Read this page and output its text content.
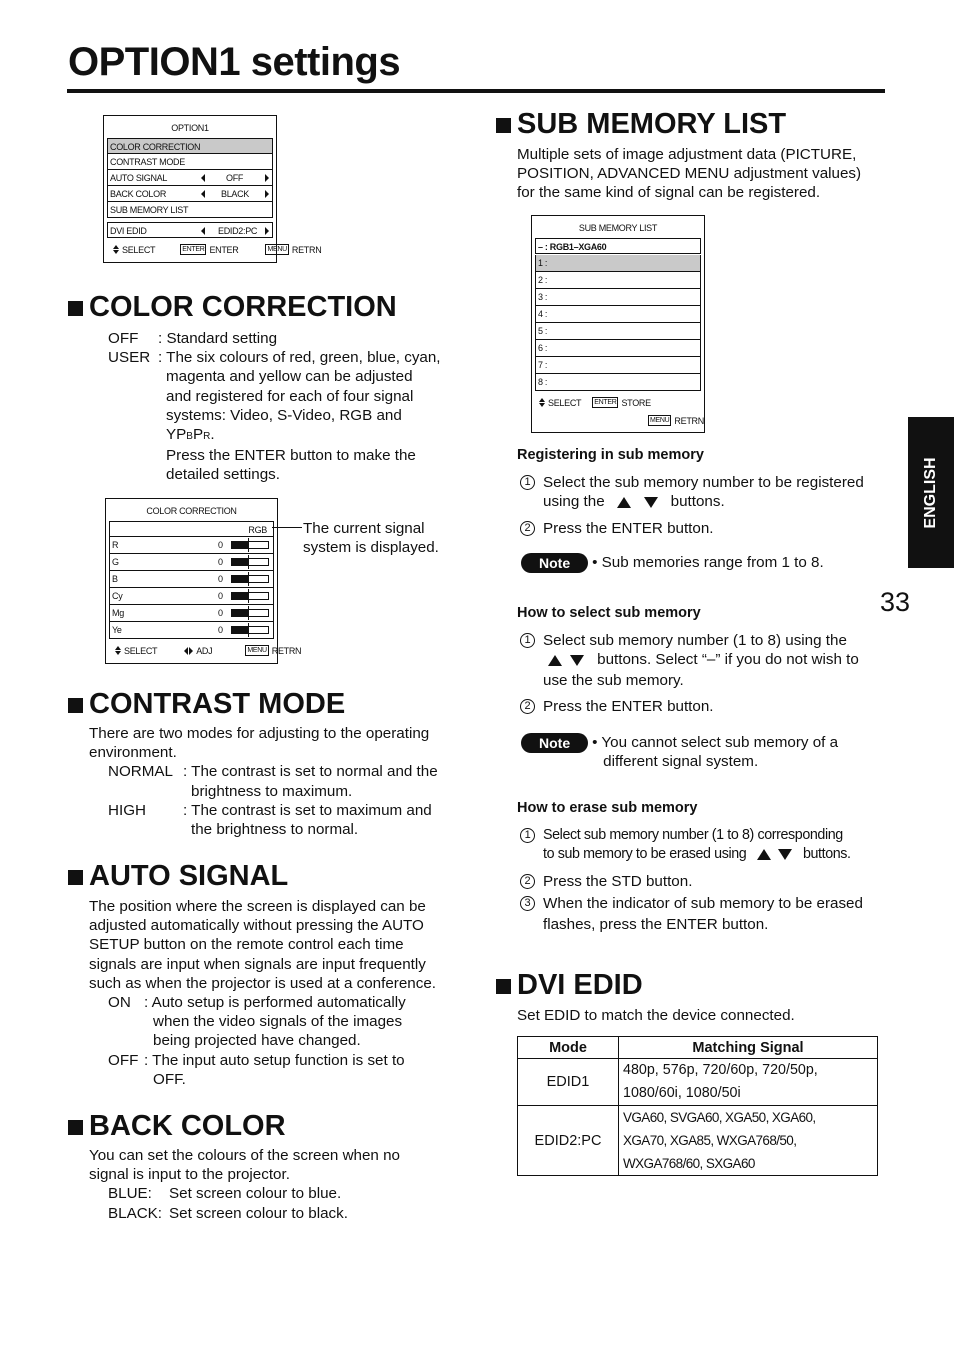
OPTION1 settings
OPTION1
COLOR CORRECTION
CONTRAST MODE
AUTO SIGNAL	OFF
BACK COLOR	BLACK
SUB MEMORY LIST
DVI EDID	EDID2:PC
SELECT	ENTER ENTER	MENU RETRN
COLOR CORRECTION
OFF	: Standard setting
USER : The six colours of red, green, blue, cyan,
magenta and yellow can be adjusted
and registered for each of four signal
systems: Video, S-Video, RGB and
YPBPR.
Press the ENTER button to make the
detailed settings.
COLOR CORRECTION
RGB
SELECT	ADJ	MENU RETRN
R	0
G	0
B	0
Cy	0
Mg	0
Ye	0
The current signal
system is displayed.
CONTRAST MODE
There are two modes for adjusting to the operating
environment.
NORMAL : The contrast is set to normal and the
brightness to maximum.
HIGH	: The contrast is set to maximum and
the brightness to normal.
AUTO SIGNAL
The position where the screen is displayed can be
adjusted automatically without pressing the AUTO
SETUP button on the remote control each time
signals are input when signals are input frequently
such as when the projector is used at a conference.
ON : Auto setup is performed automatically
when the video signals of the images
being projected have changed.
OFF : The input auto setup function is set to
OFF.
BACK COLOR
You can set the colours of the screen when no
signal is input to the projector.
BLUE:	Set screen colour to blue.
BLACK: Set screen colour to black.
SUB MEMORY LIST
Multiple sets of image adjustment data (PICTURE,
POSITION, ADVANCED MENU adjustment values)
for the same kind of signal can be registered.
SUB MEMORY LIST
– : RGB1–XGA60
SELECT ENTER STORE
MENU RETRN
1 :
2 :
3 :
4 :
5 :
6 :
7 :
8 :
Registering in sub memory
1 Select the sub memory number to be registered
using the	buttons.
2 Press the ENTER button.
Note	• Sub memories range from 1 to 8.
How to select sub memory
1 Select sub memory number (1 to 8) using the
buttons. Select “–” if you do not wish to
use the sub memory.
2 Press the ENTER button.
Note	• You cannot select sub memory of a
different signal system.
How to erase sub memory
1 Select sub memory number (1 to 8) corresponding
to sub memory to be erased using	buttons.
2 Press the STD button.
3 When the indicator of sub memory to be erased
flashes, press the ENTER button.
DVI EDID
Set EDID to match the device connected.
Mode	Matching Signal
EDID1	480p, 576p, 720/60p, 720/50p,
1080/60i, 1080/50i

EDID2:PC	VGA60, SVGA60, XGA50, XGA60,
XGA70, XGA85, WXGA768/50,
WXGA768/60, SXGA60
ENGLISH
33
